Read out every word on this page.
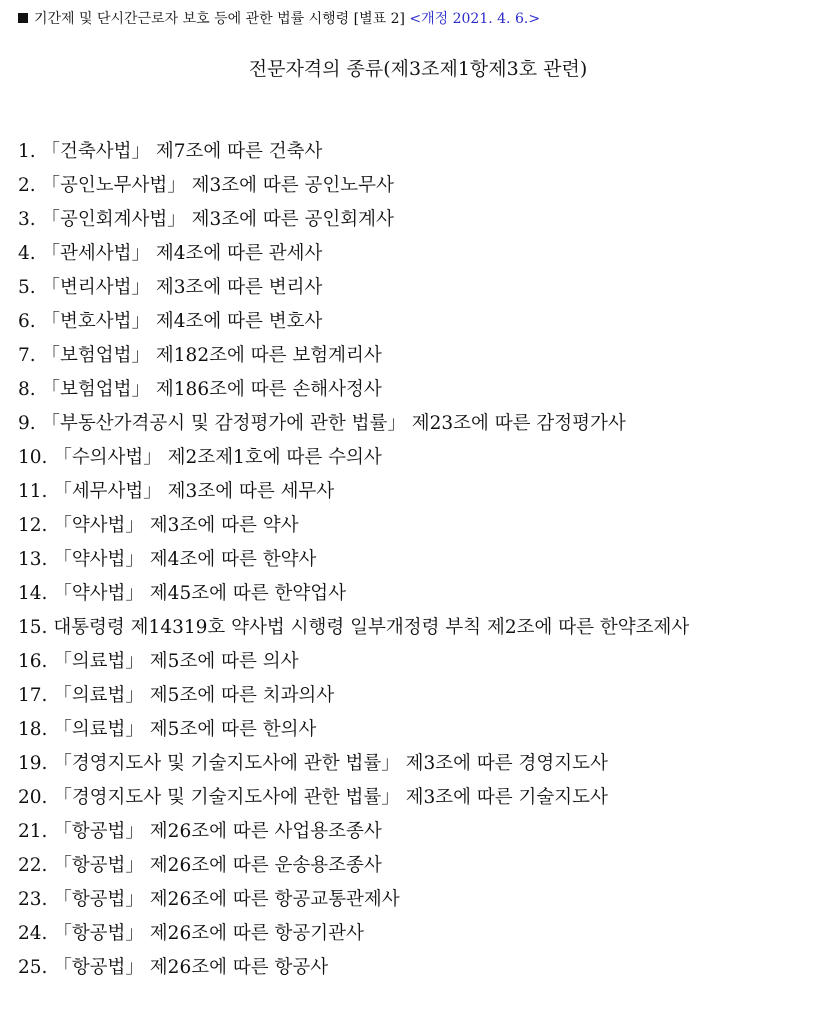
기간제 및 단시간근로자 보호 등에 관한 법률 시행령 [별표 2] <개정 2021. 4. 6.>
전문자격의 종류(제3조제1항제3호 관련)
1. 「건축사법」 제7조에 따른 건축사
2. 「공인노무사법」 제3조에 따른 공인노무사
3. 「공인회계사법」 제3조에 따른 공인회계사
4. 「관세사법」 제4조에 따른 관세사
5. 「변리사법」 제3조에 따른 변리사
6. 「변호사법」 제4조에 따른 변호사
7. 「보험업법」 제182조에 따른 보험계리사
8. 「보험업법」 제186조에 따른 손해사정사
9. 「부동산가격공시 및 감정평가에 관한 법률」 제23조에 따른 감정평가사
10. 「수의사법」 제2조제1호에 따른 수의사
11. 「세무사법」 제3조에 따른 세무사
12. 「약사법」 제3조에 따른 약사
13. 「약사법」 제4조에 따른 한약사
14. 「약사법」 제45조에 따른 한약업사
15. 대통령령 제14319호 약사법 시행령 일부개정령 부칙 제2조에 따른 한약조제사
16. 「의료법」 제5조에 따른 의사
17. 「의료법」 제5조에 따른 치과의사
18. 「의료법」 제5조에 따른 한의사
19. 「경영지도사 및 기술지도사에 관한 법률」 제3조에 따른 경영지도사
20. 「경영지도사 및 기술지도사에 관한 법률」 제3조에 따른 기술지도사
21. 「항공법」 제26조에 따른 사업용조종사
22. 「항공법」 제26조에 따른 운송용조종사
23. 「항공법」 제26조에 따른 항공교통관제사
24. 「항공법」 제26조에 따른 항공기관사
25. 「항공법」 제26조에 따른 항공사
